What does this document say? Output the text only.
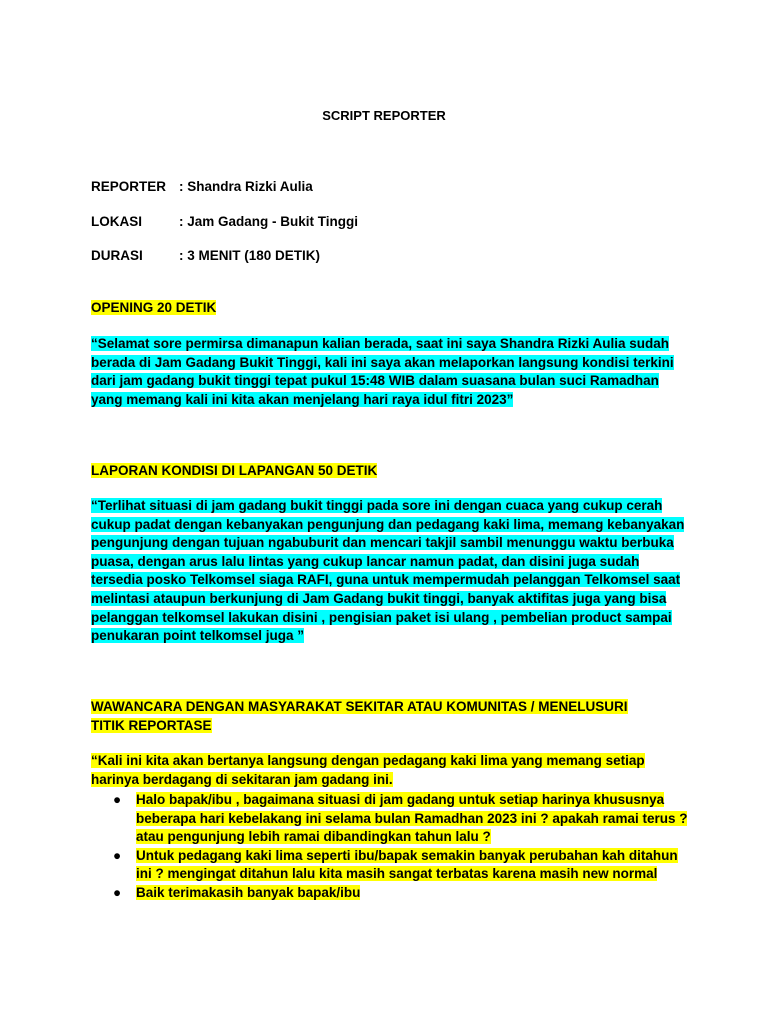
SCRIPT REPORTER
REPORTER : Shandra Rizki Aulia
LOKASI	: Jam Gadang - Bukit Tinggi
DURASI	: 3 MENIT (180 DETIK)
OPENING 20 DETIK

“Selamat sore permirsa dimanapun kalian berada, saat ini saya Shandra Rizki Aulia sudah berada di Jam Gadang Bukit Tinggi, kali ini saya akan melaporkan langsung kondisi terkini dari jam gadang bukit tinggi tepat pukul 15:48 WIB dalam suasana bulan suci Ramadhan yang memang kali ini kita akan menjelang hari raya idul fitri 2023”

LAPORAN KONDISI DI LAPANGAN 50 DETIK

“Terlihat situasi di jam gadang bukit tinggi pada sore ini dengan cuaca yang cukup cerah cukup padat dengan kebanyakan pengunjung dan pedagang kaki lima, memang kebanyakan pengunjung dengan tujuan ngabuburit dan mencari takjil sambil menunggu waktu berbuka puasa, dengan arus lalu lintas yang cukup lancar namun padat, dan disini juga sudah tersedia posko Telkomsel siaga RAFI, guna untuk mempermudah pelanggan Telkomsel saat melintasi ataupun berkunjung di Jam Gadang bukit tinggi, banyak aktifitas juga yang bisa pelanggan telkomsel lakukan disini , pengisian paket isi ulang , pembelian product sampai penukaran point telkomsel juga ”

WAWANCARA DENGAN MASYARAKAT SEKITAR ATAU KOMUNITAS / MENELUSURI TITIK REPORTASE

“Kali ini kita akan bertanya langsung dengan pedagang kaki lima yang memang setiap harinya berdagang di sekitaran jam gadang ini.

● Halo bapak/ibu , bagaimana situasi di jam gadang untuk setiap harinya khususnya beberapa hari kebelakang ini selama bulan Ramadhan 2023 ini ? apakah ramai terus ? atau pengunjung lebih ramai dibandingkan tahun lalu ?
● Untuk pedagang kaki lima seperti ibu/bapak semakin banyak perubahan kah ditahun ini ? mengingat ditahun lalu kita masih sangat terbatas karena masih new normal
● Baik terimakasih banyak bapak/ibu
